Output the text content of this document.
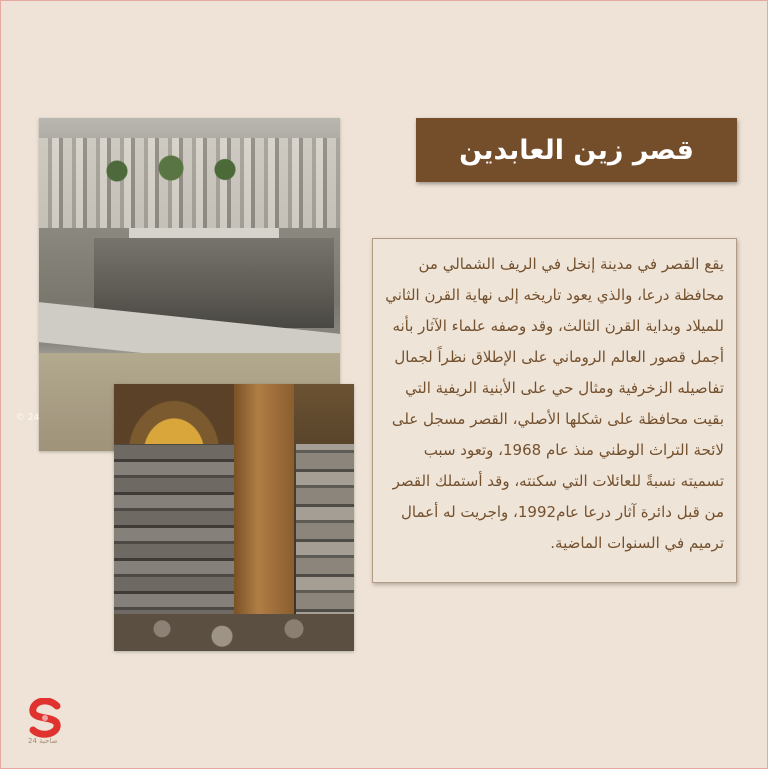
© 24
قصر زين العابدين

يقع القصر في مدينة إنخل في الريف الشمالي من محافظة درعا، والذي يعود تاريخه إلى نهاية القرن الثاني للميلاد وبداية القرن الثالث، وقد وصفه علماء الآثار بأنه أجمل قصور العالم الروماني على الإطلاق نظراً لجمال تفاصيله الزخرفية ومثال حي على الأبنية الريفية التي بقيت محافظة على شكلها الأصلي، القصر مسجل على لائحة التراث الوطني منذ عام 1968، وتعود سبب تسميته نسبةً للعائلات التي سكنته، وقد أستملك القصر من قبل دائرة آثار درعا عام1992، واجريت له أعمال ترميم في السنوات الماضية.

صاحبة 24
